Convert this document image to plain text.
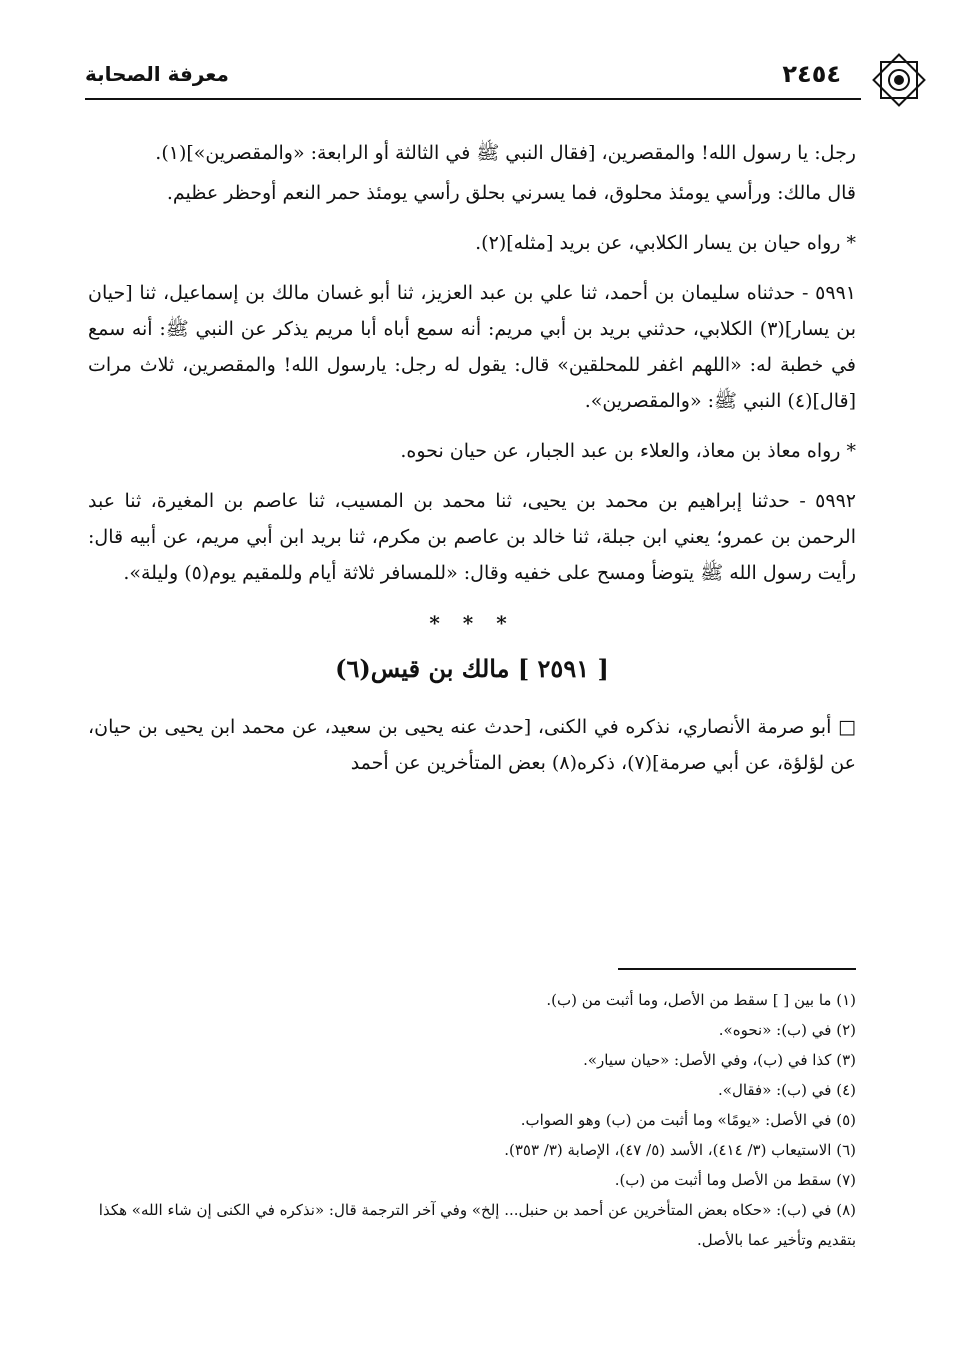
٢٤٥٤
معرفة الصحابة

رجل: يا رسول الله! والمقصرين، [فقال النبي ﷺ في الثالثة أو الرابعة: «والمقصرين»](١).

قال مالك: ورأسي يومئذ محلوق، فما يسرني بحلق رأسي يومئذ حمر النعم أوحظر عظيم.

* رواه حيان بن يسار الكلابي، عن بريد [مثله](٢).

٥٩٩١ - حدثناه سليمان بن أحمد، ثنا علي بن عبد العزيز، ثنا أبو غسان مالك بن إسماعيل، ثنا [حيان بن يسار](٣) الكلابي، حدثني بريد بن أبي مريم: أنه سمع أباه أبا مريم يذكر عن النبي ﷺ: أنه سمع في خطبة له: «اللهم اغفر للمحلقين» قال: يقول له رجل: يارسول الله! والمقصرين، ثلاث مرات [قال](٤) النبي ﷺ: «والمقصرين».

* رواه معاذ بن معاذ، والعلاء بن عبد الجبار، عن حيان نحوه.

٥٩٩٢ - حدثنا إبراهيم بن محمد بن يحيى، ثنا محمد بن المسيب، ثنا عاصم بن المغيرة، ثنا عبد الرحمن بن عمرو؛ يعني ابن جبلة، ثنا خالد بن عاصم بن مكرم، ثنا بريد ابن أبي مريم، عن أبيه قال: رأيت رسول الله ﷺ يتوضأ ومسح على خفيه وقال: «للمسافر ثلاثة أيام وللمقيم يوم(٥) وليلة».

* * *
[ ٢٥٩١ ] مالك بن قيس(٦)

□ أبو صرمة الأنصاري، نذكره في الكنى، [حدث عنه يحيى بن سعيد، عن محمد ابن يحيى بن حيان، عن لؤلؤة، عن أبي صرمة](٧)، ذكره(٨) بعض المتأخرين عن أحمد

(١) ما بين [ ] سقط من الأصل، وما أثبت من (ب).
(٢) في (ب): «نحوه».
(٣) كذا في (ب)، وفي الأصل: «حيان سيار».
(٤) في (ب): «فقال».
(٥) في الأصل: «يومًا» وما أثبت من (ب) وهو الصواب.
(٦) الاستيعاب (٣/ ٤١٤)، الأسد (٥/ ٤٧)، الإصابة (٣/ ٣٥٣).
(٧) سقط من الأصل وما أثبت من (ب).
(٨) في (ب): «حكاه بعض المتأخرين عن أحمد بن حنبل... إلخ» وفي آخر الترجمة قال: «نذكره في الكنى إن شاء الله» هكذا بتقديم وتأخير عما بالأصل.
